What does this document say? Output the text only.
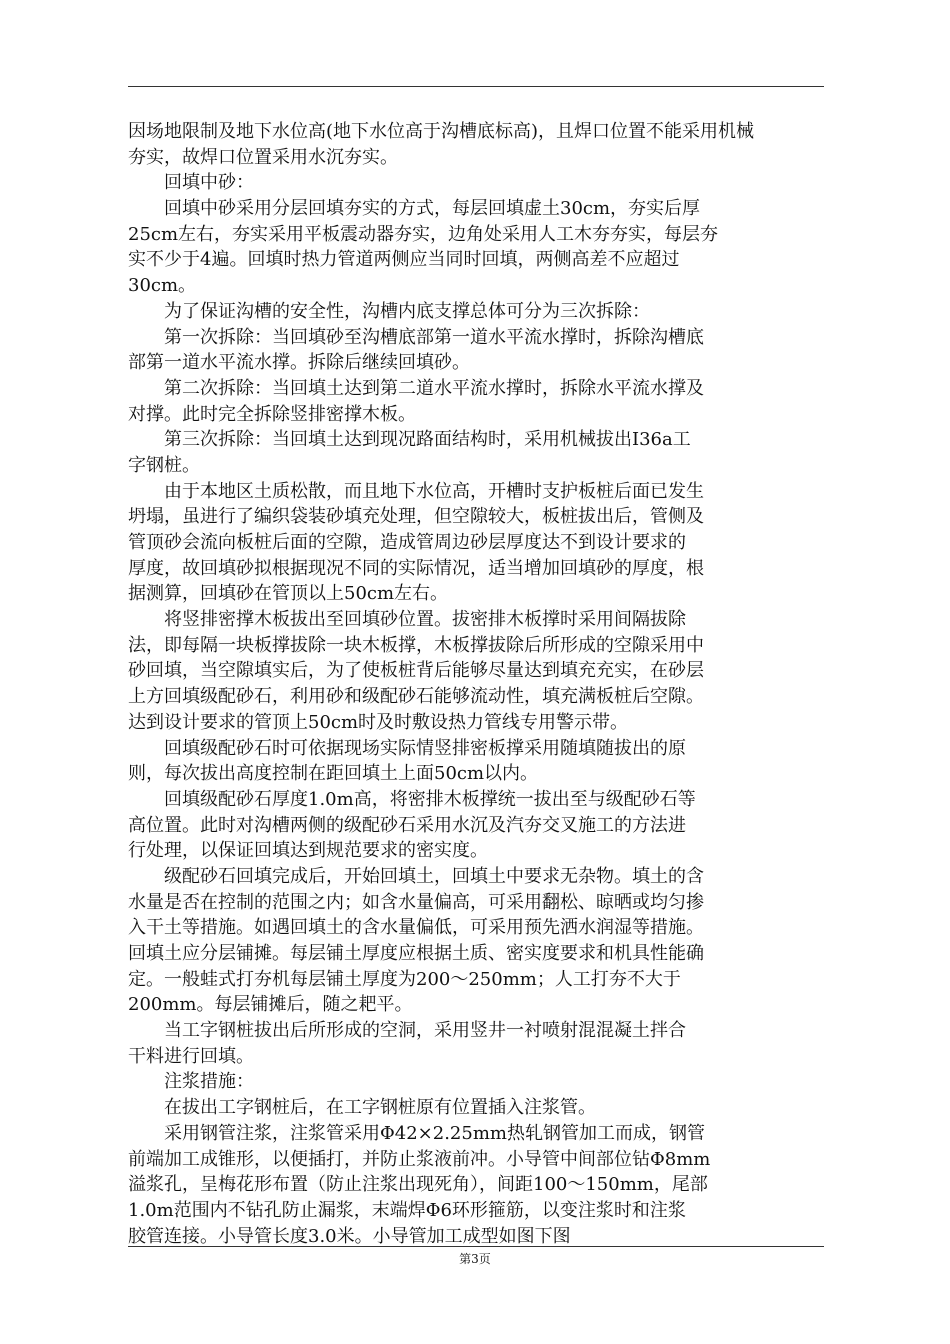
因场地限制及地下水位高(地下水位高于沟槽底标高)，且焊口位置不能采用机械
夯实，故焊口位置采用水沉夯实。
　　回填中砂：
　　回填中砂采用分层回填夯实的方式，每层回填虚土30cm，夯实后厚
25cm左右，夯实采用平板震动器夯实，边角处采用人工木夯夯实，每层夯
实不少于4遍。回填时热力管道两侧应当同时回填，两侧高差不应超过
30cm。
　　为了保证沟槽的安全性，沟槽内底支撑总体可分为三次拆除：
　　第一次拆除：当回填砂至沟槽底部第一道水平流水撑时，拆除沟槽底
部第一道水平流水撑。拆除后继续回填砂。
　　第二次拆除：当回填土达到第二道水平流水撑时，拆除水平流水撑及
对撑。此时完全拆除竖排密撑木板。
　　第三次拆除：当回填土达到现况路面结构时，采用机械拔出I36a工
字钢桩。
　　由于本地区土质松散，而且地下水位高，开槽时支护板桩后面已发生
坍塌，虽进行了编织袋装砂填充处理，但空隙较大，板桩拔出后，管侧及
管顶砂会流向板桩后面的空隙，造成管周边砂层厚度达不到设计要求的
厚度，故回填砂拟根据现况不同的实际情况，适当增加回填砂的厚度，根
据测算，回填砂在管顶以上50cm左右。
　　将竖排密撑木板拔出至回填砂位置。拔密排木板撑时采用间隔拔除
法，即每隔一块板撑拔除一块木板撑，木板撑拔除后所形成的空隙采用中
砂回填，当空隙填实后，为了使板桩背后能够尽量达到填充充实，在砂层
上方回填级配砂石，利用砂和级配砂石能够流动性，填充满板桩后空隙。
达到设计要求的管顶上50cm时及时敷设热力管线专用警示带。
　　回填级配砂石时可依据现场实际情竖排密板撑采用随填随拔出的原
则，每次拔出高度控制在距回填土上面50cm以内。
　　回填级配砂石厚度1.0m高，将密排木板撑统一拔出至与级配砂石等
高位置。此时对沟槽两侧的级配砂石采用水沉及汽夯交叉施工的方法进
行处理，以保证回填达到规范要求的密实度。
　　级配砂石回填完成后，开始回填土，回填土中要求无杂物。填土的含
水量是否在控制的范围之内；如含水量偏高，可采用翻松、晾晒或均匀掺
入干土等措施。如遇回填土的含水量偏低，可采用预先洒水润湿等措施。
回填土应分层铺摊。每层铺土厚度应根据土质、密实度要求和机具性能确
定。一般蛙式打夯机每层铺土厚度为200～250mm；人工打夯不大于
200mm。每层铺摊后，随之耙平。
　　当工字钢桩拔出后所形成的空洞，采用竖井一衬喷射混混凝土拌合
干料进行回填。
　　注浆措施：
　　在拔出工字钢桩后，在工字钢桩原有位置插入注浆管。
　　采用钢管注浆，注浆管采用Φ42×2.25mm热轧钢管加工而成，钢管
前端加工成锥形，以便插打，并防止浆液前冲。小导管中间部位钻Φ8mm
溢浆孔，呈梅花形布置（防止注浆出现死角），间距100～150mm，尾部
1.0m范围内不钻孔防止漏浆，末端焊Φ6环形箍筋，以变注浆时和注浆
胶管连接。小导管长度3.0米。小导管加工成型如图下图
第3页
